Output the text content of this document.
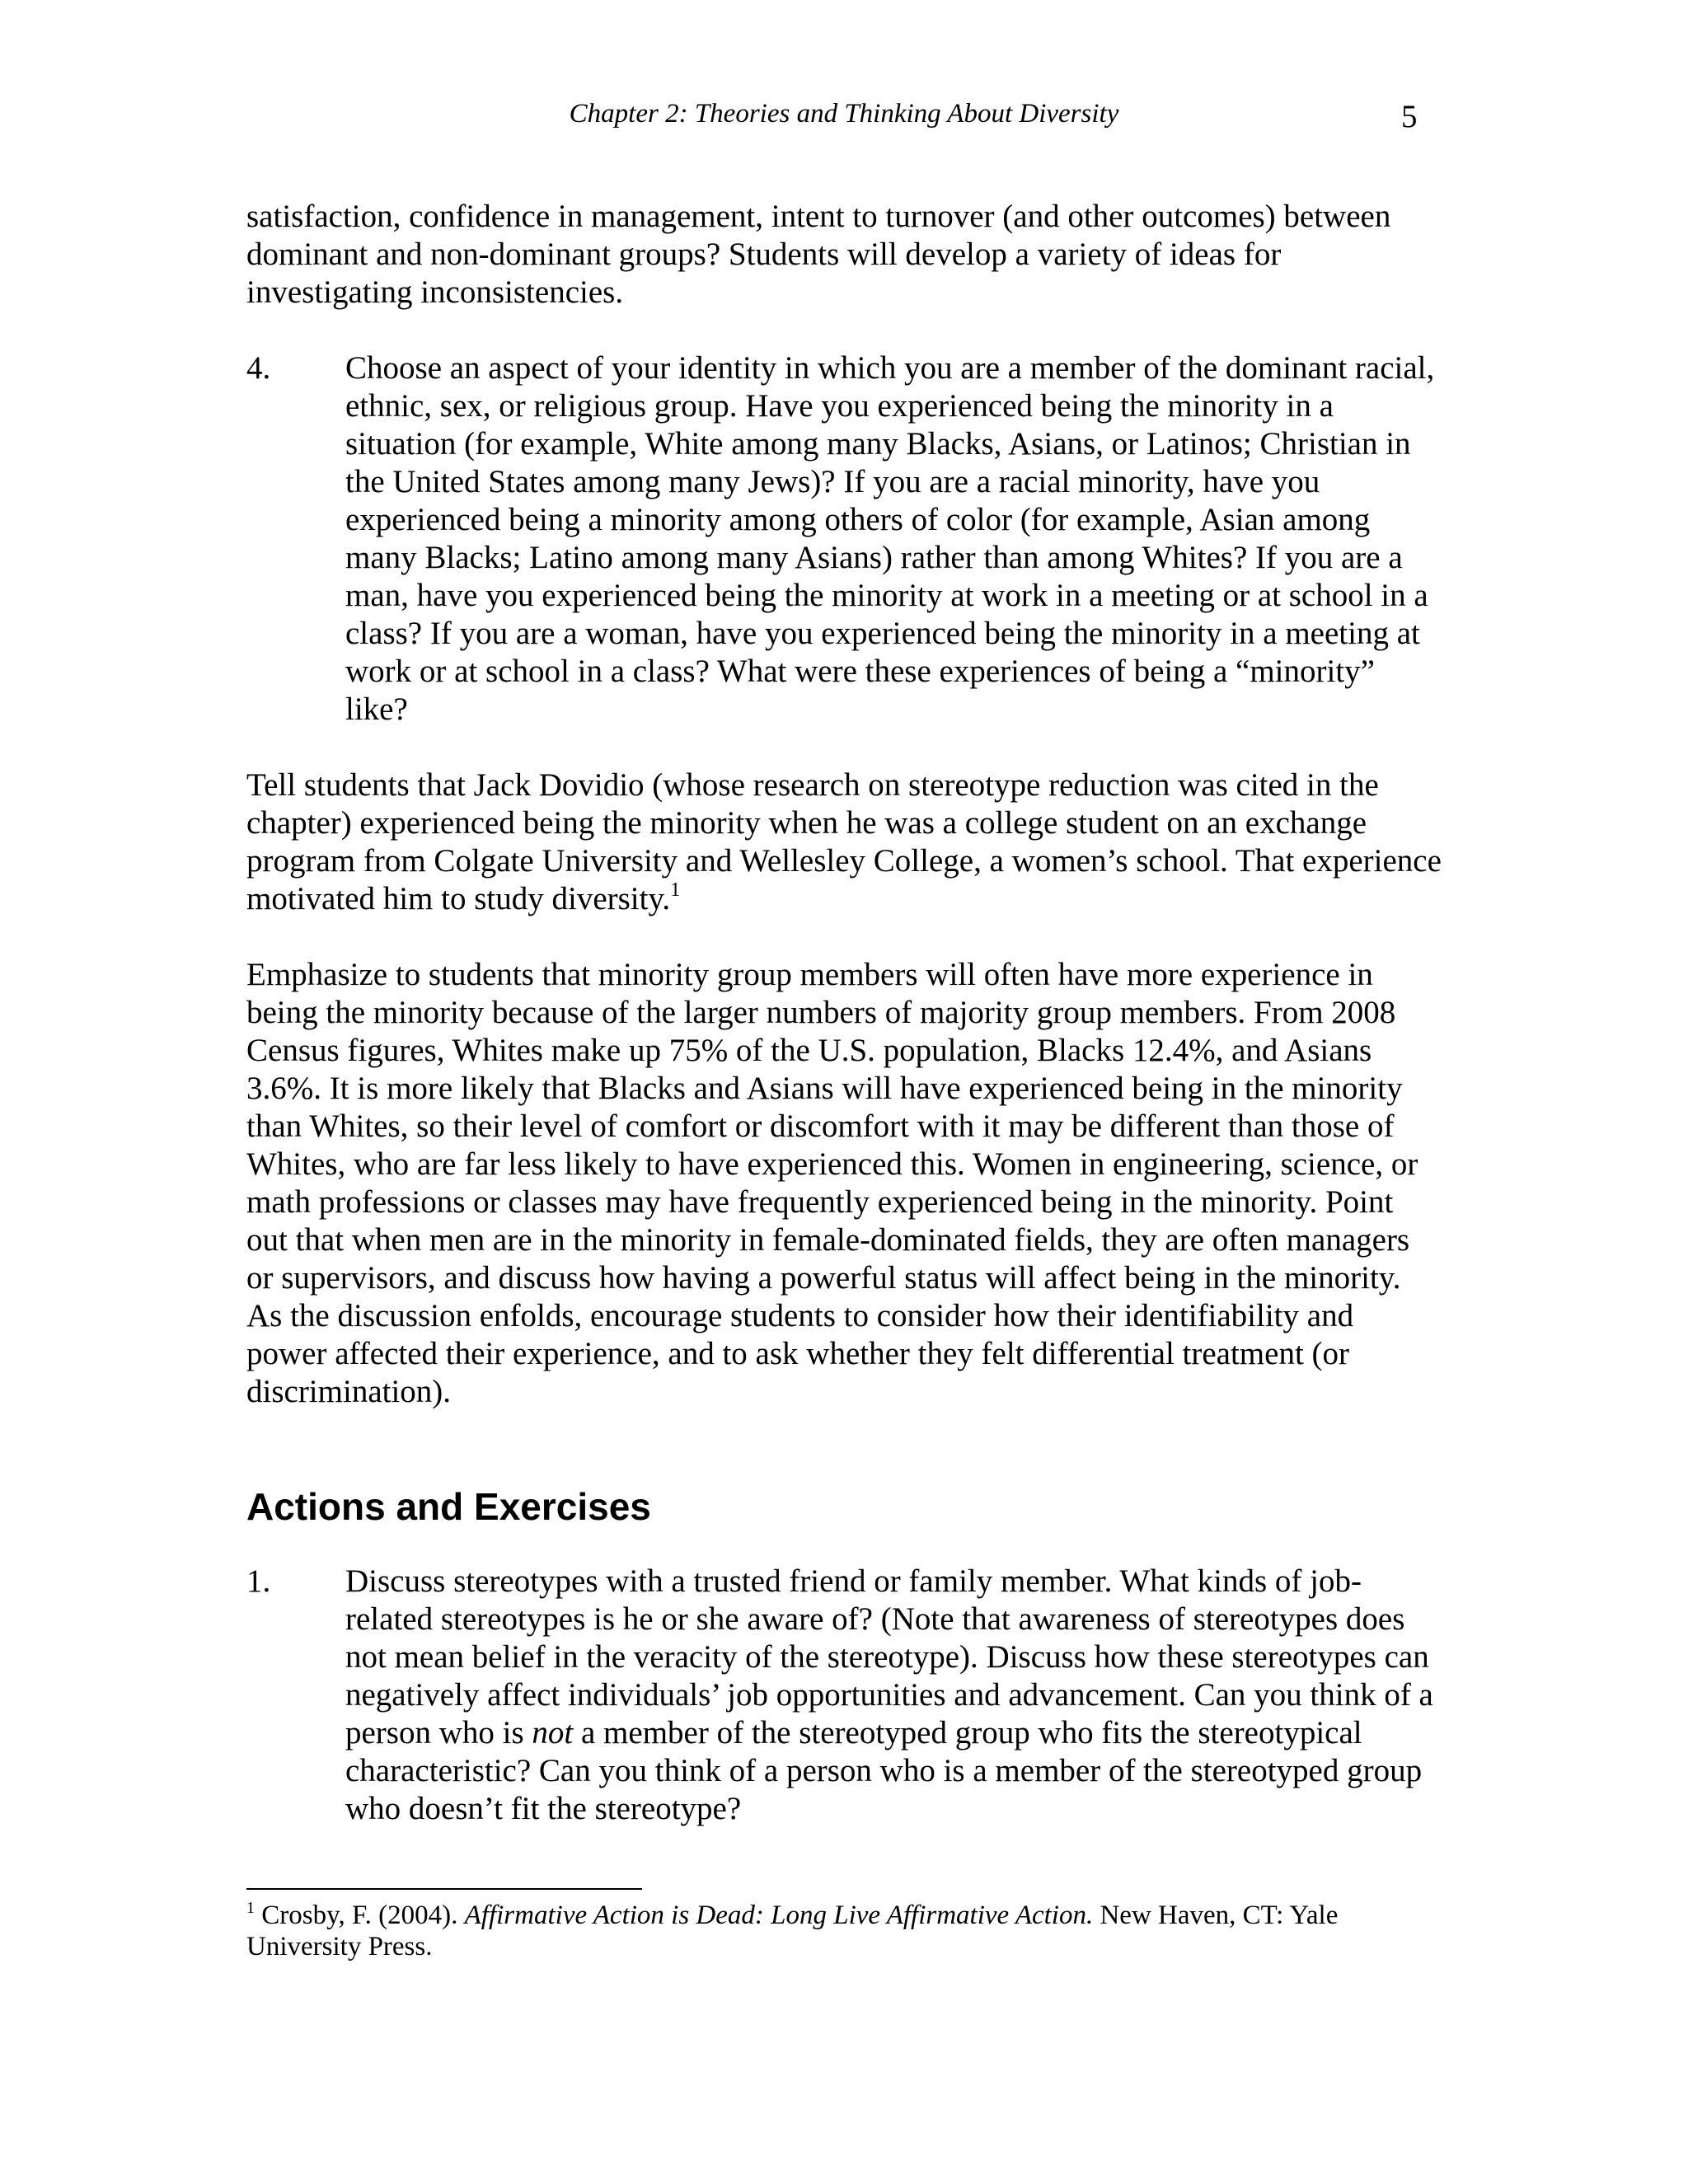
Chapter 2: Theories and Thinking About Diversity	5

satisfaction, confidence in management, intent to turnover (and other outcomes) between dominant and non-dominant groups? Students will develop a variety of ideas for investigating inconsistencies.

4.	Choose an aspect of your identity in which you are a member of the dominant racial, ethnic, sex, or religious group. Have you experienced being the minority in a situation (for example, White among many Blacks, Asians, or Latinos; Christian in the United States among many Jews)? If you are a racial minority, have you experienced being a minority among others of color (for example, Asian among many Blacks; Latino among many Asians) rather than among Whites? If you are a man, have you experienced being the minority at work in a meeting or at school in a class? If you are a woman, have you experienced being the minority in a meeting at work or at school in a class? What were these experiences of being a “minority” like?

Tell students that Jack Dovidio (whose research on stereotype reduction was cited in the chapter) experienced being the minority when he was a college student on an exchange program from Colgate University and Wellesley College, a women’s school. That experience motivated him to study diversity.$^1$

Emphasize to students that minority group members will often have more experience in being the minority because of the larger numbers of majority group members. From 2008 Census figures, Whites make up 75% of the U.S. population, Blacks 12.4%, and Asians 3.6%. It is more likely that Blacks and Asians will have experienced being in the minority than Whites, so their level of comfort or discomfort with it may be different than those of Whites, who are far less likely to have experienced this. Women in engineering, science, or math professions or classes may have frequently experienced being in the minority. Point out that when men are in the minority in female-dominated fields, they are often managers or supervisors, and discuss how having a powerful status will affect being in the minority. As the discussion enfolds, encourage students to consider how their identifiability and power affected their experience, and to ask whether they felt differential treatment (or discrimination).

Actions and Exercises
1.	Discuss stereotypes with a trusted friend or family member. What kinds of job-related stereotypes is he or she aware of? (Note that awareness of stereotypes does not mean belief in the veracity of the stereotype). Discuss how these stereotypes can negatively affect individuals’ job opportunities and advancement. Can you think of a person who is not a member of the stereotyped group who fits the stereotypical characteristic? Can you think of a person who is a member of the stereotyped group who doesn’t fit the stereotype?
$^1$ Crosby, F. (2004). Affirmative Action is Dead: Long Live Affirmative Action. New Haven, CT: Yale University Press.
